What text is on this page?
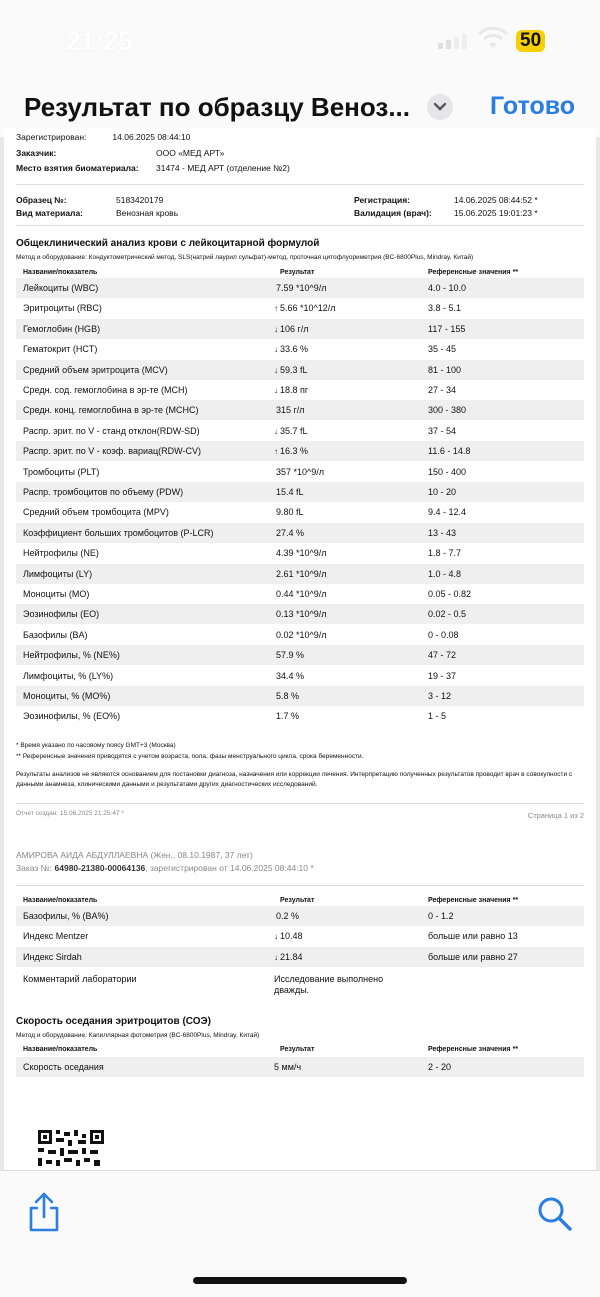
21:25	50
Результат по образцу Веноз...	Готово
Зарегистрирован:           14.06.2025 08:44:10
Заказчик:	ООО «МЕД АРТ»
Место взятия биоматериала: 31474 - МЕД АРТ (отделение №2)
Образец №:	5183420179
Вид материала:	Венозная кровь
Регистрация:	14.06.2025 08:44:52 *
Валидация (врач):	15.06.2025 19:01:23 *
Общеклинический анализ крови с лейкоцитарной формулой
Метод и оборудование: Кондуктометрический метод, SLS(натрий лаурил сульфат)-метод, проточная цитофлуориметрия (BC-6800Plus, Mindray, Китай)
Название/показатель	Результат	Референсные значения **
Лейкоциты (WBC)	7.59 *10^9/л	4.0 - 10.0
Эритроциты (RBC)	↑ 5.66 *10^12/л	3.8 - 5.1
Гемоглобин (HGB)	↓ 106 г/л	117 - 155
Гематокрит (HCT)	↓ 33.6 %	35 - 45
Средний объем эритроцита (MCV)	↓ 59.3 fL	81 - 100
Средн. сод. гемоглобина в эр-те (MCH)	↓ 18.8 пг	27 - 34
Средн. конц. гемоглобина в эр-те (MCHC)	315 г/л	300 - 380
Распр. эрит. по V - станд отклон(RDW-SD)	↓ 35.7 fL	37 - 54
Распр. эрит. по V - коэф. вариац(RDW-CV)	↑ 16.3 %	11.6 - 14.8
Тромбоциты (PLT)	357 *10^9/л	150 - 400
Распр. тромбоцитов по объему (PDW)	15.4 fL	10 - 20
Средний объем тромбоцита (MPV)	9.80 fL	9.4 - 12.4
Коэффициент больших тромбоцитов (P-LCR)	27.4 %	13 - 43
Нейтрофилы (NE)	4.39 *10^9/л	1.8 - 7.7
Лимфоциты (LY)	2.61 *10^9/л	1.0 - 4.8
Моноциты (MO)	0.44 *10^9/л	0.05 - 0.82
Эозинофилы (EO)	0.13 *10^9/л	0.02 - 0.5
Базофилы (BA)	0.02 *10^9/л	0 - 0.08
Нейтрофилы, % (NE%)	57.9 %	47 - 72
Лимфоциты, % (LY%)	34.4 %	19 - 37
Моноциты, % (MO%)	5.8 %	3 - 12
Эозинофилы, % (EO%)	1.7 %	1 - 5
* Время указано по часовому поясу GMT+3 (Москва)
** Референсные значения приводятся с учетом возраста, пола, фазы менструального цикла, срока беременности.
Результаты анализов не являются основанием для постановки диагноза, назначения или коррекции лечения. Интерпретацию полученных результатов проводит врач в совокупности с данными анамнеза, клиническими данными и результатами других диагностических исследований.
Отчет создан: 15.06.2025 21:25:47 *	Страница 1 из 2
АМИРОВА АИДА АБДУЛЛАЕВНА (Жен., 08.10.1987, 37 лет)
Заказ №: 64980-21380-00064136, зарегистрирован от 14.06.2025 08:44:10 *
Название/показатель	Результат	Референсные значения **
Базофилы, % (BA%)	0.2 %	0 - 1.2
Индекс Mentzer	↓ 10.48	больше или равно 13
Индекс Sirdah	↓ 21.84	больше или равно 27
Комментарий лаборатории	Исследование выполнено дважды.
Скорость оседания эритроцитов (СОЭ)
Метод и оборудование: Капиллярная фотометрия (BC-6800Plus, Mindray, Китай)
Название/показатель	Результат	Референсные значения **
Скорость оседания	5 мм/ч	2 - 20
